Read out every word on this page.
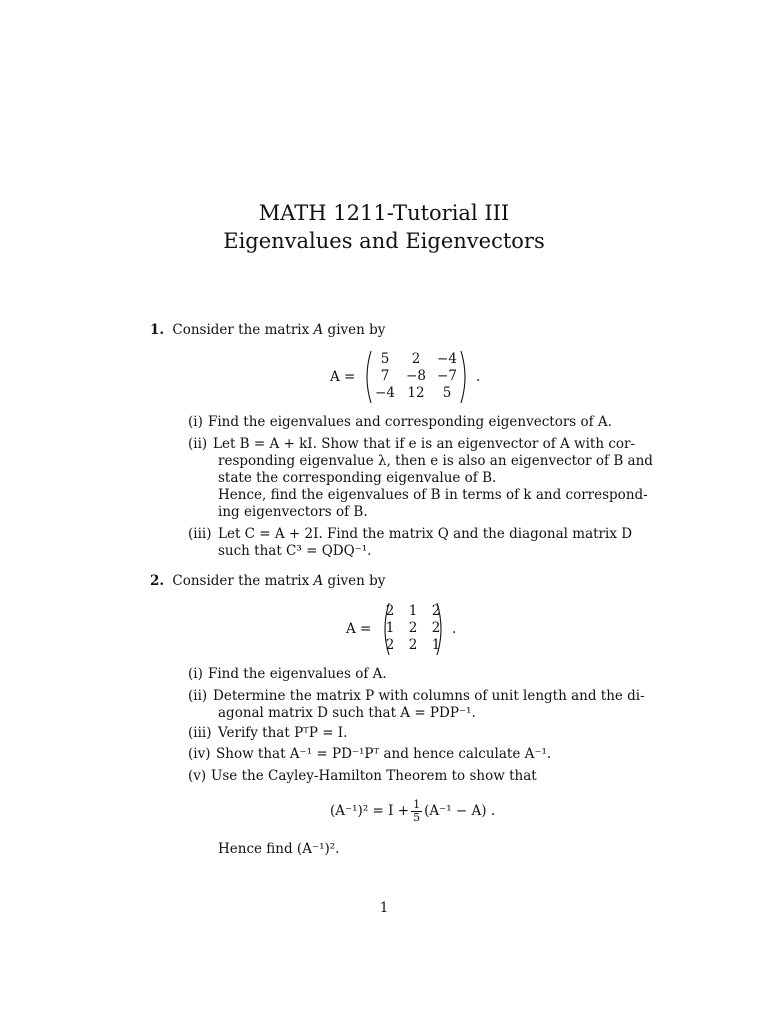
MATH 1211-Tutorial III
Eigenvalues and Eigenvectors
1. Consider the matrix A given by
A =
5	2	−4
7	−8 −7
−4 12	5
.
(i) Find the eigenvalues and corresponding eigenvectors of A.
(ii) Let B = A + kI. Show that if e is an eigenvector of A with cor-
responding eigenvalue λ, then e is also an eigenvector of B and
state the corresponding eigenvalue of B.
Hence, find the eigenvalues of B in terms of k and correspond-
ing eigenvectors of B.
(iii) Let C = A + 2I. Find the matrix Q and the diagonal matrix D
such that C³ = QDQ⁻¹.
2. Consider the matrix A given by
A =
2	1	2
1	2	2
2	2	1
.
(i) Find the eigenvalues of A.
(ii) Determine the matrix P with columns of unit length and the di-
agonal matrix D such that A = PDP⁻¹.
(iii) Verify that PᵀP = I.
(iv) Show that A⁻¹ = PD⁻¹Pᵀ and hence calculate A⁻¹.
(v) Use the Cayley-Hamilton Theorem to show that
$(A^{-1})^2 = I + \frac{1}{5} (A^{-1} - A)$ .
Hence find (A⁻¹)².
1
